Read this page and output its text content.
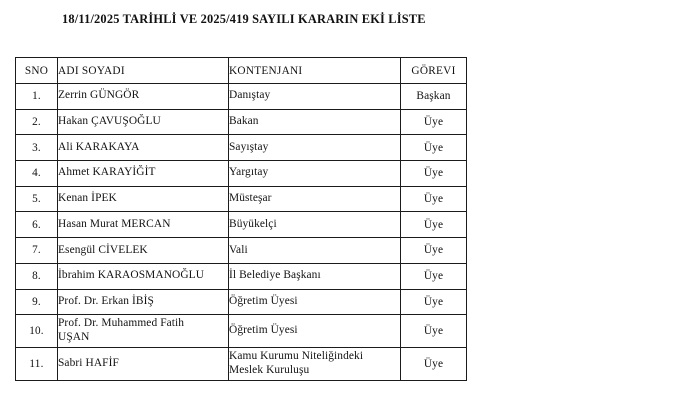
18/11/2025 TARİHLİ VE 2025/419 SAYILI KARARIN EKİ LİSTE
SNO	ADI SOYADI	KONTENJANI	GÖREVI
1.	Zerrin GÜNGÖR	Danıştay	Başkan
2.	Hakan ÇAVUŞOĞLU	Bakan	Üye
3.	Ali KARAKAYA	Sayıştay	Üye
4.	Ahmet KARAYİĞİT	Yargıtay	Üye
5.	Kenan İPEK	Müsteşar	Üye
6.	Hasan Murat MERCAN	Büyükelçi	Üye
7.	Esengül CİVELEK	Vali	Üye
8.	İbrahim KARAOSMANOĞLU	İl Belediye Başkanı	Üye
9.	Prof. Dr. Erkan İBİŞ	Öğretim Üyesi	Üye
10.	Prof. Dr. Muhammed Fatih
UŞAN	Öğretim Üyesi	Üye
11.	Sabri HAFİF	Kamu Kurumu Niteliğindeki
Meslek Kuruluşu	Üye
